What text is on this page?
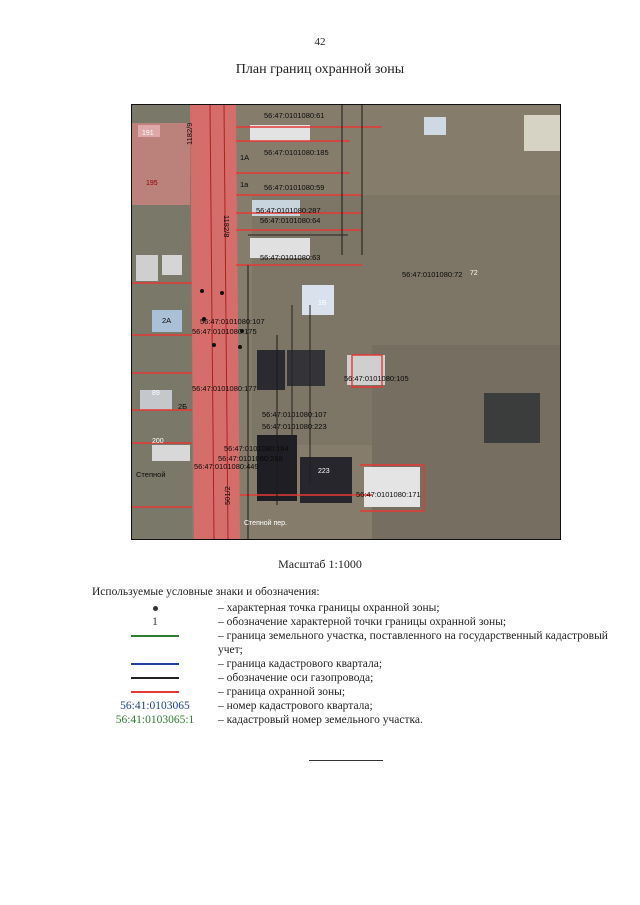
42
План границ охранной зоны
56:47:0101080:61
56:47:0101080:185
56:47:0101080:59
56:47:0101080:287
56:47:0101080:64
56:47:0101080:63
56:47:0101080:72
56:47:0101080:107
56:47:0101080:175
56:47:0101080:105
56:47:0101080:177
56:47:0101080:107
56:47:0101080:223
56:47:0101080:184
56:47:0101080:268
56:47:0101080:449
56:47:0101080:171
191
1А
195	1а
72
1Б
2А
89
2Б
200
223
1182/8
501/2
1182/9
Степной
Степной пер.
Масштаб 1:1000
Используемые условные знаки и обозначения:
– характерная точка границы охранной зоны;
1	– обозначение характерной точки границы охранной зоны;
– граница земельного участка, поставленного на государственный кадастровый учет;
– граница кадастрового квартала;
– обозначение оси газопровода;
– граница охранной зоны;
56:41:0103065 – номер кадастрового квартала;
56:41:0103065:1 – кадастровый номер земельного участка.
